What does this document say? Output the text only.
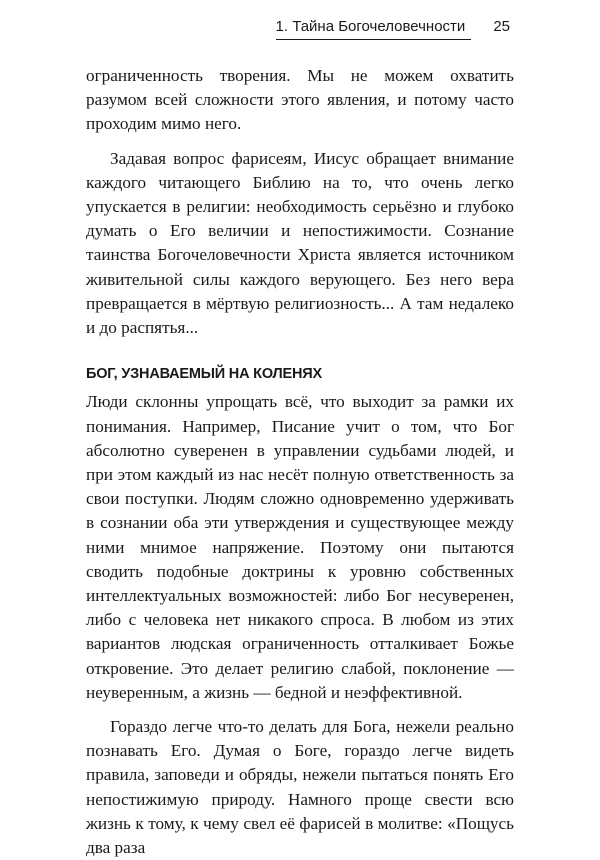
1. Тайна Богочеловечности 25

ограниченность творения. Мы не можем охватить разумом всей сложности этого явления, и потому часто проходим мимо него.

Задавая вопрос фарисеям, Иисус обращает внимание каждого читающего Библию на то, что очень легко упускается в религии: необходимость серьёзно и глубоко думать о Его величии и непостижимости. Сознание таинства Богочеловечности Христа является источником живительной силы каждого верующего. Без него вера превращается в мёртвую религиозность... А там недалеко и до распятья...

БОГ, УЗНАВАЕМЫЙ НА КОЛЕНЯХ

Люди склонны упрощать всё, что выходит за рамки их понимания. Например, Писание учит о том, что Бог абсолютно суверенен в управлении судьбами людей, и при этом каждый из нас несёт полную ответственность за свои поступки. Людям сложно одновременно удерживать в сознании оба эти утверждения и существующее между ними мнимое напряжение. Поэтому они пытаются сводить подобные доктрины к уровню собственных интеллектуальных возможностей: либо Бог несуверенен, либо с человека нет никакого спроса. В любом из этих вариантов людская ограниченность отталкивает Божье откровение. Это делает религию слабой, поклонение — неуверенным, а жизнь — бедной и неэффективной.

Гораздо легче что-то делать для Бога, нежели реально познавать Его. Думая о Боге, гораздо легче видеть правила, заповеди и обряды, нежели пытаться понять Его непостижимую природу. Намного проще свести всю жизнь к тому, к чему свел её фарисей в молитве: «Пощусь два раза
